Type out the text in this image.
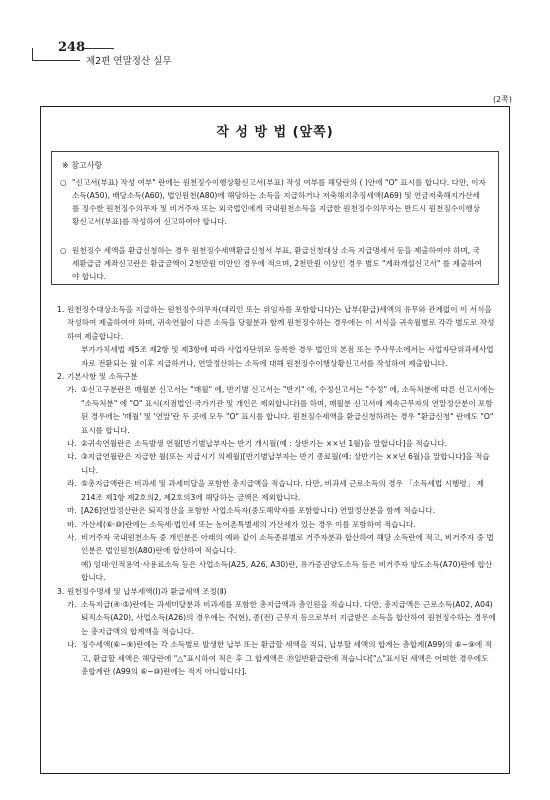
248
제2편 연말정산 실무
(2쪽)
작 성 방 법 (앞쪽)
※ 참고사항
○ "신고서(부표) 작성 여부" 란에는 원천징수이행상황신고서(부표) 작성 여부를 해당란의 ( )안에 "O" 표시를 합니다. 다만, 이자소득(A50), 배당소득(A60), 법인원천(A80)에 해당하는 소득을 지급하거나 저축해지추징세액(A69) 및 연금저축해지가산세를 징수한 원천징수의무자 및 비거주자 또는 외국법인에게 국내원천소득을 지급한 원천징수의무자는 반드시 원천징수이행상황신고서(부표)를 작성하여 신고하여야 합니다.
○ 원천징수 세액을 환급신청하는 경우 원천징수세액환급신청서 부표, 환급신청대상 소득 지급명세서 등을 제출하여야 하며, 국세환급금 계좌신고란은 환급금액이 2천만원 미만인 경우에 적으며, 2천만원 이상인 경우 별도 "계좌개설신고서" 를 제출하여야 합니다.
1. 원천징수대상소득을 지급하는 원천징수의무자(대리인 또는 위임자를 포함합니다)는 납부(환급)세액의 유무와 관계없이 이 서식을 작성하여 제출하여야 하며, 귀속연월이 다른 소득을 당월분과 함께 원천징수하는 경우에는 이 서식을 귀속월별로 각각 별도로 작성하여 제출합니다.
부가가치세법 제5조 제2항 및 제3항에 따라 사업자단위로 등록한 경우 법인의 본점 또는 주사무소에서는 사업자단위과세사업자로 전환되는 월 이후 지급하거나, 연말정산하는 소득에 대해 원천징수이행상황신고서를 작성하여 제출합니다.
2. 기본사항 및 소득구분
가. ①신고구분란은 매월분 신고서는 "매월" 에, 반기별 신고서는 "반기" 에, 수정신고서는 "수정" 에, 소득처분에 따른 신고시에는 "소득처분" 에 "O" 표시(지점법인·국가기관 및 개인은 제외합니다)를 하며, 매월분 신고서에 계속근무자의 연말정산분이 포함된 경우에는 '매월' 및 '연말'란 두 곳에 모두 "O" 표시를 합니다. 원천징수세액을 환급신청하려는 경우 "환급신청" 란에도 "O" 표시를 합니다.
나. ②귀속연월란은 소득발생 연월[반기별납부자는 반기 개시월(예 : 상반기는 ××년 1월)을 말합니다]을 적습니다.
다. ③지급연월란은 지급한 월(또는 지급시기 의제월)[반기별납부자는 반기 종료월(예: 상반기는 ××년 6월)을 말합니다]을 적습니다.
라. ⑤총지급액란은 비과세 및 과세미달을 포함한 총지급액을 적습니다. 다만, 비과세 근로소득의 경우 「소득세법 시행령」 제214조 제1항 제2호의2, 제2호의3에 해당하는 금액은 제외합니다.
마. [A26]연말정산란은 퇴직정산을 포함한 사업소득자(중도해약자를 포함합니다) 연말정산분을 함께 적습니다.
바. 가산세(⑥·⑩)란에는 소득세·법인세 또는 농어촌특별세의 가산세가 있는 경우 이를 포함하여 적습니다.
사. 비거주자 국내원천소득 중 개인분은 아래의 예와 같이 소득종류별로 거주자분과 합산하여 해당 소득란에 적고, 비거주자 중 법인분은 법인원천(A80)란에 합산하여 적습니다.
예) 임대·인적용역·사용료소득 등은 사업소득(A25, A26, A30)란, 유가증권양도소득 등은 비거주자 양도소득(A70)란에 합산합니다.
3. 원천징수명세 및 납부세액(Ⅰ)과 환급세액 조정(Ⅱ)
가. 소득지급(④·⑤)란에는 과세미달분과 비과세를 포함한 총지급액과 총인원을 적습니다. 다만, 총지급액은 근로소득(A02, A04) 퇴직소득(A20), 사업소득(A26)의 경우에는 주(현), 종(전) 근무지 등으로부터 지급받은 소득을 합산하여 원천징수하는 경우에는 총지급액의 합계액을 적습니다.
나. 징수세액(⑥~⑨)란에는 각 소득별로 발생한 납부 또는 환급할 세액을 적되, 납부할 세액의 합계는 총합계(A99)의 ⑥~⑨에 적고, 환급할 세액은 해당란에 "△"표시하여 적은 후 그 합계액은 ⑲일반환급란에 적습니다["△"표시된 세액은 어떠한 경우에도 총합계란 (A99의 ⑥~⑩)란에는 적지 아니합니다].
